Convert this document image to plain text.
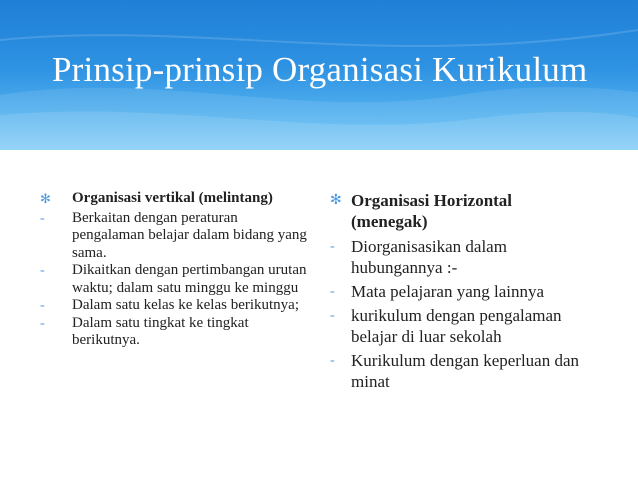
Prinsip-prinsip Organisasi Kurikulum
✻	Organisasi vertikal (melintang)
-	Berkaitan dengan peraturan pengalaman belajar dalam bidang yang sama.
-	Dikaitkan dengan pertimbangan urutan waktu; dalam satu minggu ke minggu
-	Dalam satu kelas ke kelas berikutnya;
-	Dalam satu tingkat ke tingkat berikutnya.
✻ Organisasi Horizontal (menegak)
- Diorganisasikan dalam hubungannya :-
- Mata pelajaran yang lainnya
- kurikulum dengan pengalaman belajar di luar sekolah
- Kurikulum dengan keperluan dan minat
